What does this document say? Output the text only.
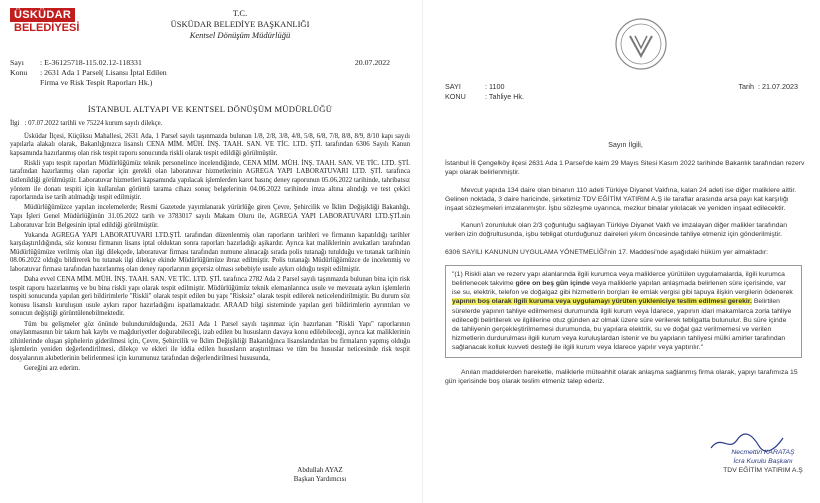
ÜSKÜDAR
BELEDİYESİ
T.C.
ÜSKÜDAR BELEDİYE BAŞKANLIĞI
Kentsel Dönüşüm Müdürlüğü
Sayı	: E-36125718-115.02.12-118331
Konu	: 2631 Ada 1 Parsel( Lisansı İptal Edilen
Firma ve Risk Tespit Raporları Hk.)
20.07.2022
İSTANBUL ALTYAPI VE KENTSEL DÖNÜŞÜM MÜDÜRLÜĞÜ

İlgi : 07.07.2022 tarihli ve 75224 kurum sayılı dilekçe.

Üsküdar İlçesi, Küçüksu Mahallesi, 2631 Ada, 1 Parsel sayılı taşınmazda bulunan 1/8, 2/8, 3/8, 4/8, 5/8, 6/8, 7/8, 8/8, 8/9, 8/10 kapı sayılı yapılarla alakalı olarak, Bakanlığınızca lisanslı CENA MİM. MÜH. İNŞ. TAAH. SAN. VE TİC. LTD. ŞTİ. tarafından 6306 Sayılı Kanun kapsamında hazırlanmış olan risk tespit raporu sonucunda riskli olarak tespit edildiği görülmüştür.

Riskli yapı tespit raporları Müdürlüğümüz teknik personelince incelendiğinde, CENA MİM. MÜH. İNŞ. TAAH. SAN. VE TİC. LTD. ŞTİ. tarafından hazırlanmış olan raporlar için gerekli olan laboratuvar hizmetlerinin AGREGA YAPI LABORATUVARI LTD. ŞTİ. tarafınca üstlenildiği görülmüştür. Laboratuvar hizmetleri kapsamında yapılacak işlemlerden karot basınç deney raporunun 05.06.2022 tarihinde, tahribatsız yöntem ile donatı tespiti için kullanılan görüntü tarama cihazı sonuç belgelerinin 04.06.2022 tarihinde imza altına alındığı ve test çekici raporlarında ise tarih atılmadığı tespit edilmiştir.

Müdürlüğümüzce yapılan incelemelerde; Resmi Gazetede yayımlanarak yürürlüğe giren Çevre, Şehircilik ve İklim Değişikliği Bakanlığı, Yapı İşleri Genel Müdürlüğünün 31.05.2022 tarih ve 3783017 sayılı Makam Oluru ile, AGREGA YAPI LABORATUVARI LTD.ŞTİ.nin Laboratuvar İzin Belgesinin iptal edildiği görülmüştür.

Yukarıda AGREGA YAPI LABORATUVARI LTD.ŞTİ. tarafından düzenlenmiş olan raporların tarihleri ve firmanın kapatıldığı tarihler karşılaştırıldığında, söz konusu firmanın lisans iptal olduktan sonra raporları hazırladığı aşikardır. Ayrıca kat maliklerinin avukatları tarafından Müdürlüğümüze verilmiş olan ilgi dilekçede, laboratuvar firması tarafından numune alınacağı sırada polis tutanağı tutulduğu ve tutanak tarihinin 08.06.2022 olduğu bildirerek bu tutanak ilgi dilekçe ekinde Müdürlüğümüze ibraz edilmiştir. Polis tutanağı Müdürlüğümüzce de incelenmiş ve laboratuvar firması tarafından hazırlanmış olan deney raporlarının geçersiz olması sebebiyle usule aykırı olduğu tespit edilmiştir.

Daha evvel CENA MİM. MÜH. İNŞ. TAAH. SAN. VE TİC. LTD. ŞTİ. tarafınca 2782 Ada 2 Parsel sayılı taşınmazda bulunan bina için risk tespit raporu hazırlanmış ve bu bina riskli yapı olarak tespit edilmiştir. Müdürlüğümüz teknik elemanlarınca usule ve mevzuata aykırı işlemlerin tespiti sonucunda yapılan geri bildirimlerle "Riskli" olarak tespit edilen bu yapı "Risksiz" olarak tespit edilerek neticelendirilmiştir. Bu durum söz konusu lisanslı kuruluşun usule aykırı rapor hazırladığını ispatlamaktadır. ARAAD bilgi sisteminde yapılan geri bildirimlerin ayrıntıları ve sonucun değiştiği görüntülenebilmektedir.

Tüm bu gelişmeler göz önünde bulundurulduğunda, 2631 Ada 1 Parsel sayılı taşınmaz için hazırlanan "Riskli Yapı" raporlarının onaylanmasının bir takım hak kaybı ve mağduriyetler doğurabileceği, izah edilen bu hususların davaya konu edilebileceği, ayrıca kat maliklerinin zihinlerinde oluşan şüphelerin giderilmesi için, Çevre, Şehircilik ve İklim Değişikliği Bakanlığınca lisanslandırılan bu firmaların yapmış olduğu işlemlerin yeniden değerlendirilmesi, dilekçe ve ekleri ile iddia edilen hususların araştırılması ve tüm bu hususlar neticesinde risk tespit dosyalarının akıbetlerinin belirlenmesi için kurumunuz tarafından değerlendirilmesi hususunda,

Gereğini arz ederim.

Abdullah AYAZ
Başkan Yardımcısı
SAYI	: 1100
KONU	: Tahliye Hk.
Tarih : 21.07.2023
Sayın İlgili,

İstanbul İli Çengelköy ilçesi 2631 Ada 1 Parsel'de kaim 29 Mayıs Sitesi Kasım 2022 tarihinde Bakanlık tarafından rezerv yapı olarak belirlenmiştir.

Mevcut yapıda 134 daire olan binanın 110 adeti Türkiye Diyanet Vakfına, kalan 24 adeti ise diğer maliklere aittir. Gelinen noktada, 3 daire haricinde, şirketimiz TDV EĞİTİM YATIRIM A.Ş ile taraflar arasında arsa payı kat karşılığı inşaat sözleşmeleri imzalanmıştır. İşbu sözleşme uyarınca, mezkur binalar yıkılacak ve yeniden inşaat edilecektir.

Kanun'i zorunluluk olan 2/3 çoğunluğu sağlayan Türkiye Diyanet Vakfı ve imzalayan diğer malikler tarafından verilen izin doğrultusunda, işbu tebligat oturduğunuz daireleri yıkım öncesinde tahliye etmeniz için gönderilmiştir.

6306 SAYILI KANUNUN UYGULAMA YÖNETMELİĞİ'nin 17. Maddesi'nde aşağıdaki hüküm yer almaktadır:

"(1) Riskli alan ve rezerv yapı alanlarında ilgili kurumca veya maliklerce yürütülen uygulamalarda, ilgili kurumca belirlenecek takvime göre on beş gün içinde veya maliklerle yapılan anlaşmada belirlenen süre içerisinde, var ise su, elektrik, telefon ve doğalgaz gibi hizmetlerin borçları ile emlak vergisi gibi tapuya ilişkin vergilerin ödenerek yapının boş olarak ilgili kuruma veya uygulamayı yürüten yükleniciye teslim edilmesi gerekir. Belirtilen sürelerde yapının tahliye edilmemesi durumunda ilgili kurum veya İdarece, yapının idari makamlarca zorla tahliye edileceği belirtilerek ve ilgililerine otuz günden az olmak üzere süre verilerek tebligatta bulunulur. Bu süre içinde de tahliyenin gerçekleştirilmemesi durumunda, bu yapılara elektrik, su ve doğal gaz verilmemesi ve verilen hizmetlerin durdurulması ilgili kurum veya kuruluşlardan istenir ve bu yapıların tahliyesi mülki amirler tarafından sağlanacak kolluk kuvveti desteği ile ilgili kurum veya İdarece yapılır veya yaptırılır."

Anılan maddelerden hareketle, maliklerle müteahhit olarak anlaşma sağlanmış firma olarak, yapıyı tarafımıza 15 gün içerisinde boş olarak teslim etmeniz talep ederiz.

Necmettin KARATAŞ
İcra Kurulu Başkanı
TDV EĞİTİM YATIRIM A.Ş
